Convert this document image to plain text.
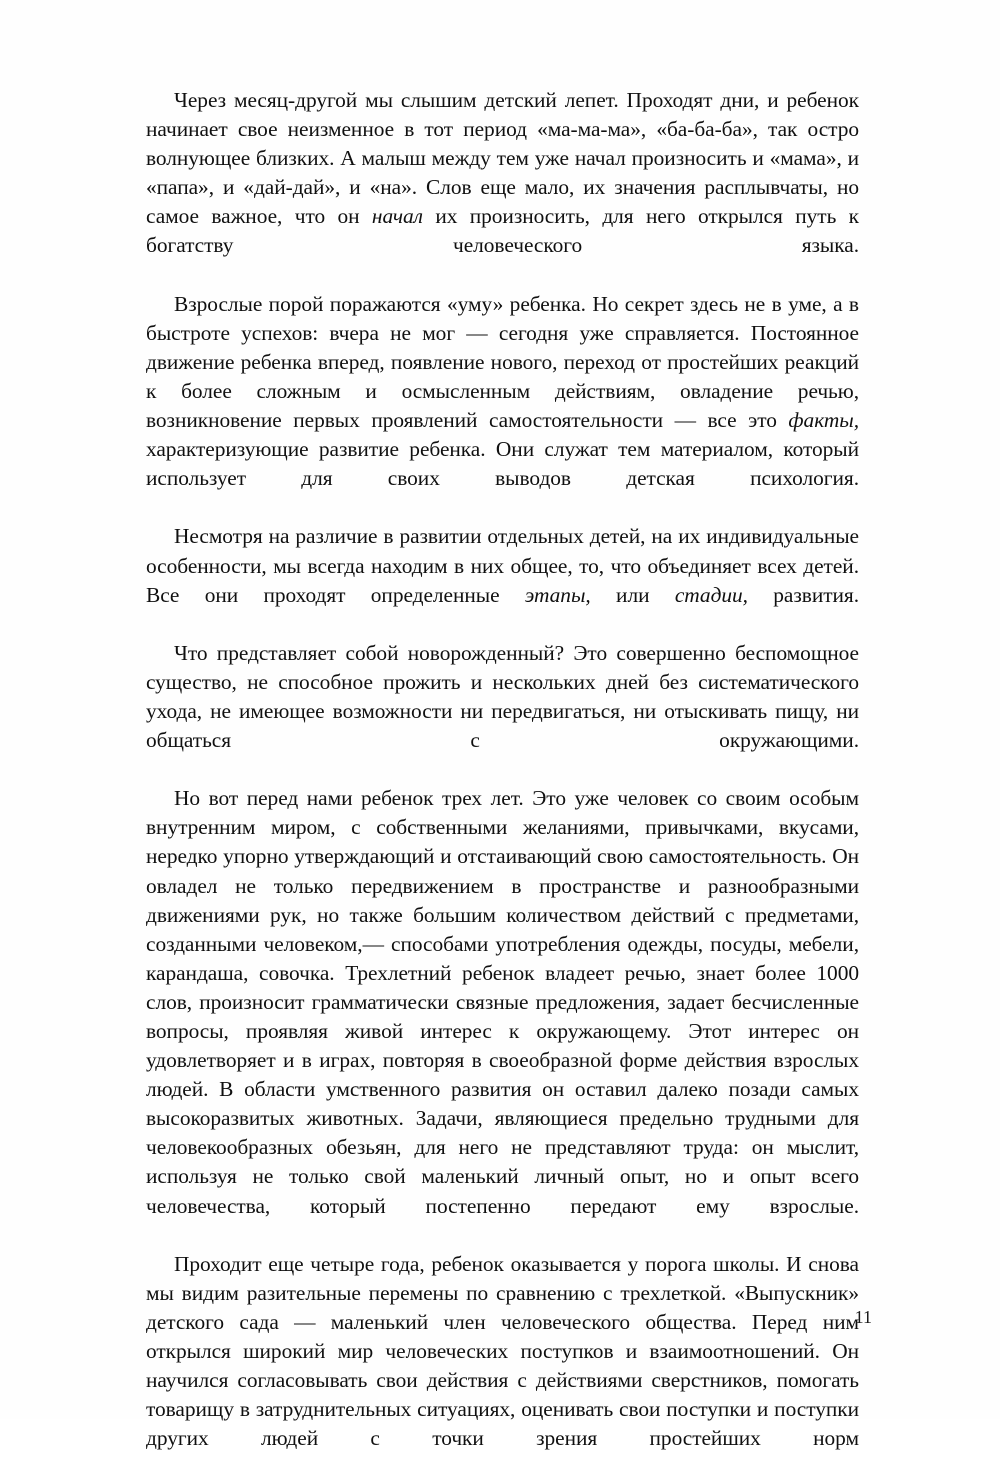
Через месяц-другой мы слышим детский лепет. Проходят дни, и ребенок начинает свое неизменное в тот период «ма-ма-ма», «ба-ба-ба», так остро волнующее близких. А малыш между тем уже начал произносить и «мама», и «папа», и «дай-дай», и «на». Слов еще мало, их значения расплывчаты, но самое важное, что он начал их произносить, для него открылся путь к богатству человеческого языка.

Взрослые порой поражаются «уму» ребенка. Но секрет здесь не в уме, а в быстроте успехов: вчера не мог — сегодня уже справляется. Постоянное движение ребенка вперед, появление нового, переход от простейших реакций к более сложным и осмысленным действиям, овладение речью, возникновение первых проявлений самостоятельности — все это факты, характеризующие развитие ребенка. Они служат тем материалом, который использует для своих выводов детская психология.

Несмотря на различие в развитии отдельных детей, на их индивидуальные особенности, мы всегда находим в них общее, то, что объединяет всех детей. Все они проходят определенные этапы, или стадии, развития.

Что представляет собой новорожденный? Это совершенно беспомощное существо, не способное прожить и нескольких дней без систематического ухода, не имеющее возможности ни передвигаться, ни отыскивать пищу, ни общаться с окружающими.

Но вот перед нами ребенок трех лет. Это уже человек со своим особым внутренним миром, с собственными желаниями, привычками, вкусами, нередко упорно утверждающий и отстаивающий свою самостоятельность. Он овладел не только передвижением в пространстве и разнообразными движениями рук, но также большим количеством действий с предметами, созданными человеком,— способами употребления одежды, посуды, мебели, карандаша, совочка. Трехлетний ребенок владеет речью, знает более 1000 слов, произносит грамматически связные предложения, задает бесчисленные вопросы, проявляя живой интерес к окружающему. Этот интерес он удовлетворяет и в играх, повторяя в своеобразной форме действия взрослых людей. В области умственного развития он оставил далеко позади самых высокоразвитых животных. Задачи, являющиеся предельно трудными для человекообразных обезьян, для него не представляют труда: он мыслит, используя не только свой маленький личный опыт, но и опыт всего человечества, который постепенно передают ему взрослые.

Проходит еще четыре года, ребенок оказывается у порога школы. И снова мы видим разительные перемены по сравнению с трехлеткой. «Выпускник» детского сада — маленький член человеческого общества. Перед ним открылся широкий мир человеческих поступков и взаимоотношений. Он научился согласовывать свои действия с действиями сверстников, помогать товарищу в затруднительных ситуациях, оценивать свои поступки и поступки других людей с точки зрения простейших норм

11
